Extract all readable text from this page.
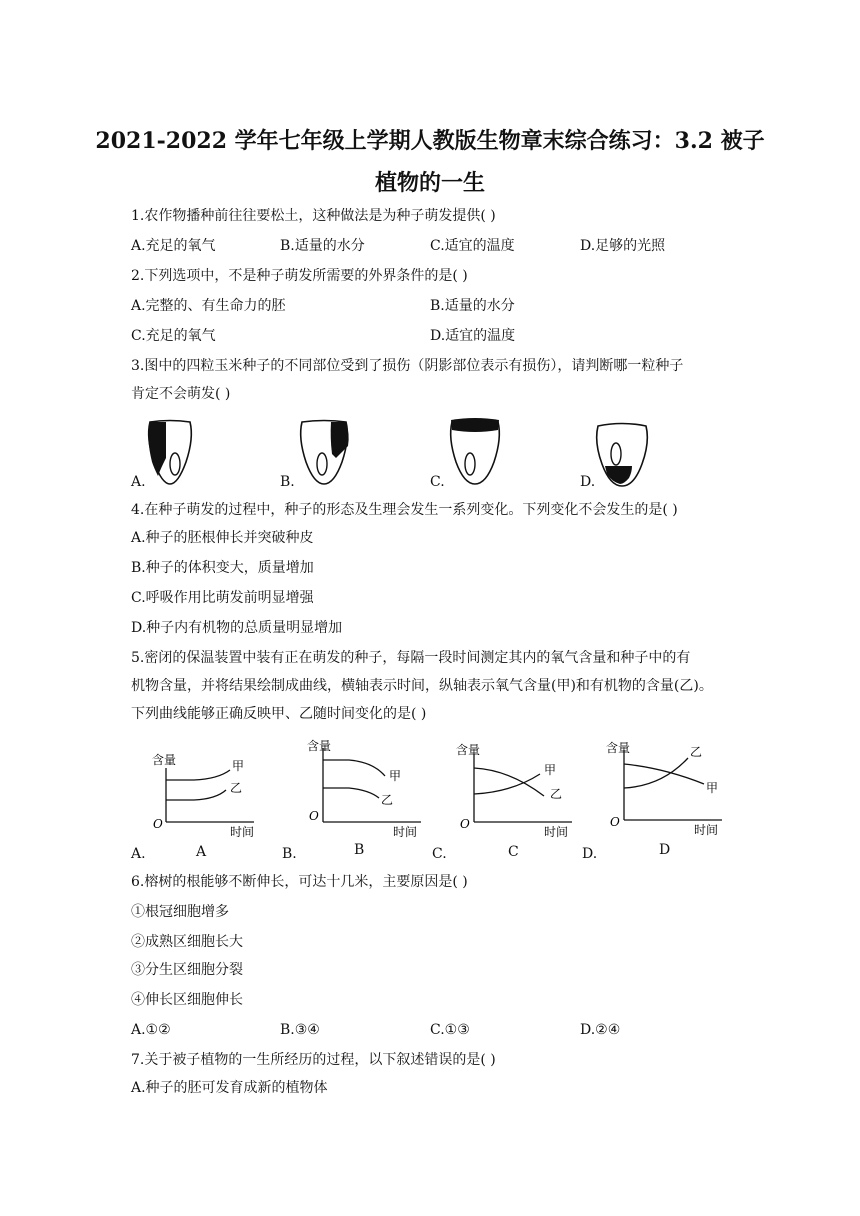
2021-2022 学年七年级上学期人教版生物章末综合练习：3.2 被子
植物的一生
1.农作物播种前往往要松土，这种做法是为种子萌发提供( )
A.充足的氧气	B.适量的水分	C.适宜的温度	D.足够的光照
2.下列选项中，不是种子萌发所需要的外界条件的是( )
A.完整的、有生命力的胚	B.适量的水分
C.充足的氧气	D.适宜的温度
3.图中的四粒玉米种子的不同部位受到了损伤（阴影部位表示有损伤），请判断哪一粒种子
肯定不会萌发( )
A.	B.	C.	D.
4.在种子萌发的过程中，种子的形态及生理会发生一系列变化。下列变化不会发生的是( )
A.种子的胚根伸长并突破种皮
B.种子的体积变大，质量增加
C.呼吸作用比萌发前明显增强
D.种子内有机物的总质量明显增加
5.密闭的保温装置中装有正在萌发的种子，每隔一段时间测定其内的氧气含量和种子中的有
机物含量，并将结果绘制成曲线，横轴表示时间，纵轴表示氧气含量(甲)和有机物的含量(乙)。
下列曲线能够正确反映甲、乙随时间变化的是( )
含量
O
时间
甲
乙
A
含量
O
时间
甲
乙
B
含量
O
时间
甲
乙
C
含量
O
时间
乙
甲
D
A.	B.	C.	D.
6.榕树的根能够不断伸长，可达十几米，主要原因是( )
①根冠细胞增多
②成熟区细胞长大
③分生区细胞分裂
④伸长区细胞伸长
A.①②	B.③④	C.①③	D.②④
7.关于被子植物的一生所经历的过程，以下叙述错误的是( )
A.种子的胚可发育成新的植物体
